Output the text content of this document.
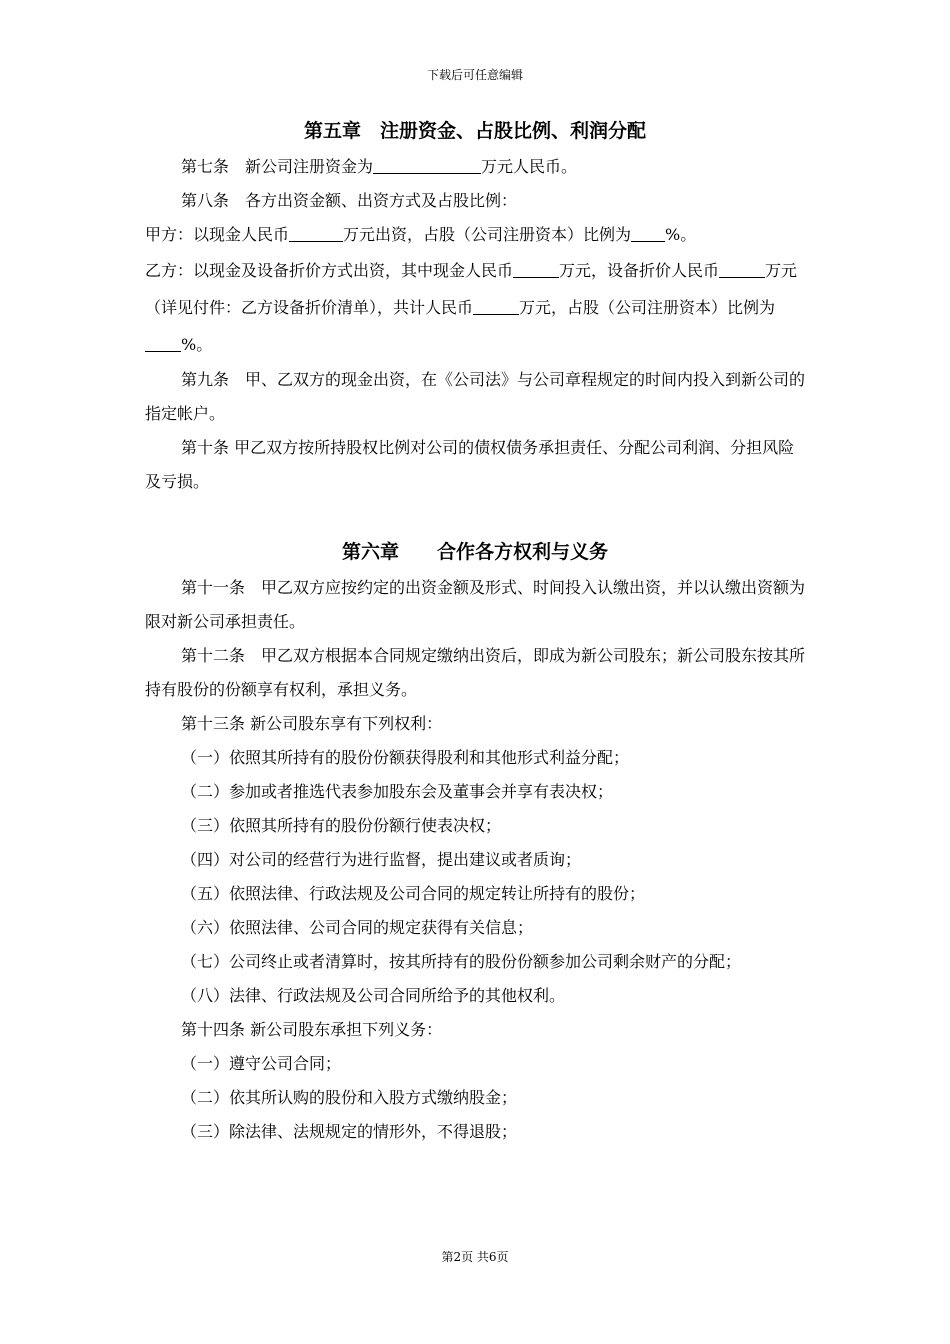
下载后可任意编辑
第五章　注册资金、占股比例、利润分配

第七条　新公司注册资金为	万元人民币。

第八条　各方出资金额、出资方式及占股比例：

甲方：以现金人民币	万元出资，占股（公司注册资本）比例为 %。

乙方：以现金及设备折价方式出资，其中现金人民币	万元，设备折价人民币	万元（详见付件：乙方设备折价清单），共计人民币	万元，占股（公司注册资本）比例为%。

第九条　甲、乙双方的现金出资，在《公司法》与公司章程规定的时间内投入到新公司的指定帐户。

第十条 甲乙双方按所持股权比例对公司的债权债务承担责任、分配公司利润、分担风险及亏损。

第六章　　合作各方权利与义务

第十一条　甲乙双方应按约定的出资金额及形式、时间投入认缴出资，并以认缴出资额为限对新公司承担责任。

第十二条　甲乙双方根据本合同规定缴纳出资后，即成为新公司股东；新公司股东按其所持有股份的份额享有权利，承担义务。

第十三条 新公司股东享有下列权利：

（一）依照其所持有的股份份额获得股利和其他形式利益分配；

（二）参加或者推选代表参加股东会及董事会并享有表决权；

（三）依照其所持有的股份份额行使表决权；

（四）对公司的经营行为进行监督，提出建议或者质询；

（五）依照法律、行政法规及公司合同的规定转让所持有的股份；

（六）依照法律、公司合同的规定获得有关信息；

（七）公司终止或者清算时，按其所持有的股份份额参加公司剩余财产的分配；

（八）法律、行政法规及公司合同所给予的其他权利。

第十四条 新公司股东承担下列义务：

（一）遵守公司合同；

（二）依其所认购的股份和入股方式缴纳股金；

（三）除法律、法规规定的情形外，不得退股；

第2页 共6页
